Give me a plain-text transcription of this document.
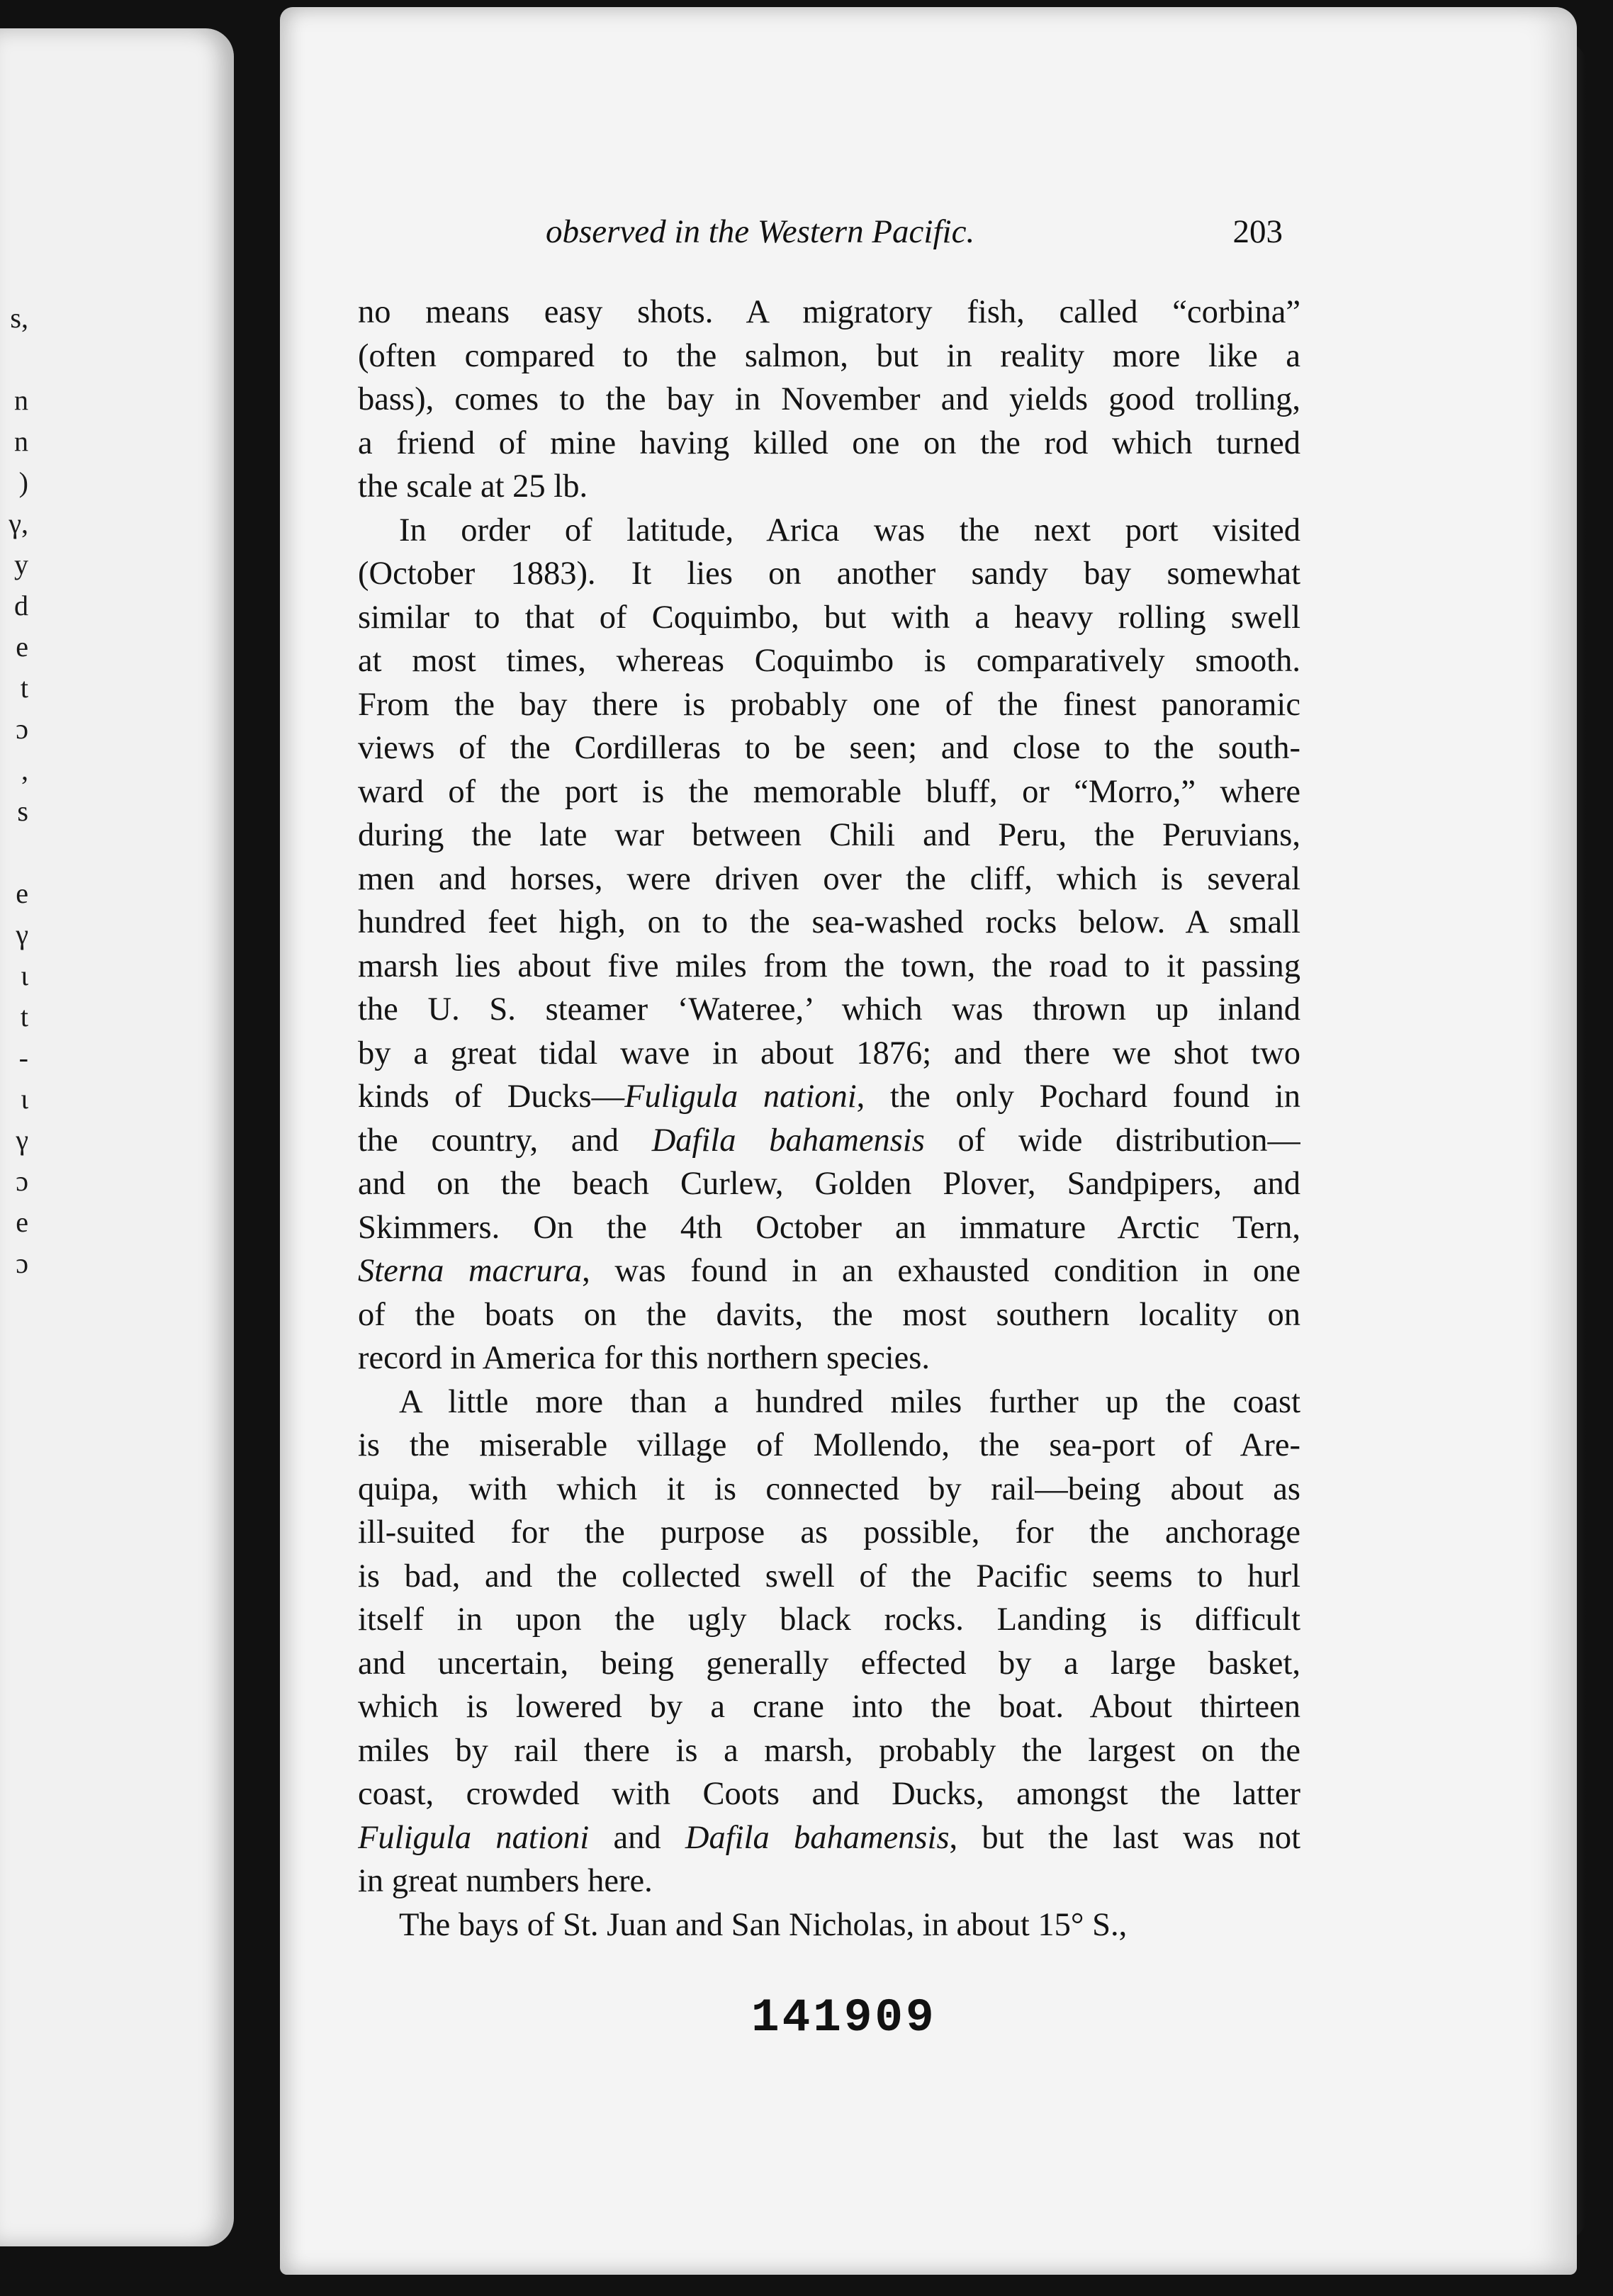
s,
n
n
)
γ,
y
d
e
t
ɔ
,
s
e
γ
ɩ
t
-
ɩ
γ
ɔ
e
ɔ
observed in the Western Pacific.	203
no means easy shots. A migratory fish, called “corbina”
(often compared to the salmon, but in reality more like a
bass), comes to the bay in November and yields good trolling,
a friend of mine having killed one on the rod which turned
the scale at 25 lb.
In order of latitude, Arica was the next port visited
(October 1883). It lies on another sandy bay somewhat
similar to that of Coquimbo, but with a heavy rolling swell
at most times, whereas Coquimbo is comparatively smooth.
From the bay there is probably one of the finest panoramic
views of the Cordilleras to be seen; and close to the south-
ward of the port is the memorable bluff, or “Morro,” where
during the late war between Chili and Peru, the Peruvians,
men and horses, were driven over the cliff, which is several
hundred feet high, on to the sea-washed rocks below. A small
marsh lies about five miles from the town, the road to it passing
the U. S. steamer ‘Wateree,’ which was thrown up inland
by a great tidal wave in about 1876; and there we shot two
kinds of Ducks—Fuligula nationi, the only Pochard found in
the country, and Dafila bahamensis of wide distribution—
and on the beach Curlew, Golden Plover, Sandpipers, and
Skimmers. On the 4th October an immature Arctic Tern,
Sterna macrura, was found in an exhausted condition in one
of the boats on the davits, the most southern locality on
record in America for this northern species.
A little more than a hundred miles further up the coast
is the miserable village of Mollendo, the sea-port of Are-
quipa, with which it is connected by rail—being about as
ill-suited for the purpose as possible, for the anchorage
is bad, and the collected swell of the Pacific seems to hurl
itself in upon the ugly black rocks. Landing is difficult
and uncertain, being generally effected by a large basket,
which is lowered by a crane into the boat. About thirteen
miles by rail there is a marsh, probably the largest on the
coast, crowded with Coots and Ducks, amongst the latter
Fuligula nationi and Dafila bahamensis, but the last was not
in great numbers here.
The bays of St. Juan and San Nicholas, in about 15° S.,
141909
